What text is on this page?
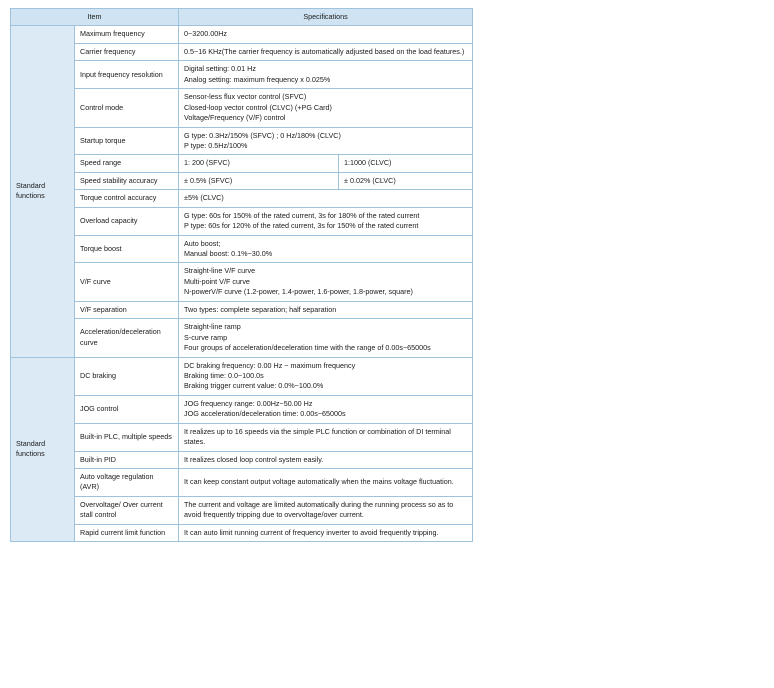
Item		Specifications	
Standard functions	Maximum frequency	0~3200.00Hz	

	Carrier frequency	0.5~16 KHz(The carrier frequency is automatically adjusted based on the load features.)	

	Input frequency resolution	Digital setting: 0.01 Hz
Analog setting: maximum frequency x 0.025%	

	Control mode	Sensor-less flux vector control (SFVC)
Closed-loop vector control (CLVC) (+PG Card)
Voltage/Frequency (V/F) control	

	Startup torque	G type: 0.3Hz/150% (SFVC) ; 0 Hz/180% (CLVC)
P type: 0.5Hz/100%	

	Speed range	1: 200 (SFVC)	1:1000 (CLVC)
	Speed stability accuracy	± 0.5% (SFVC)	± 0.02% (CLVC)
	Torque control accuracy	±5% (CLVC)	

	Overload capacity	G type: 60s for 150% of the rated current, 3s for 180% of the rated current
P type: 60s for 120% of the rated current, 3s for 150% of the rated current	

	Torque boost	Auto boost;
Manual boost: 0.1%~30.0%	

	V/F curve	Straight-line V/F curve
Multi-point V/F curve
N-powerV/F curve (1.2-power, 1.4-power, 1.6-power, 1.8-power, square)	

	V/F separation	Two types: complete separation; half separation	

	Acceleration/deceleration curve	Straight-line ramp
S-curve ramp
Four groups of acceleration/deceleration time with the range of 0.00s~65000s	

Standard functions	DC braking	DC braking frequency: 0.00 Hz ~ maximum frequency
Braking time: 0.0~100.0s
Braking trigger current value: 0.0%~100.0%	

	JOG control	JOG frequency range: 0.00Hz~50.00 Hz
JOG acceleration/deceleration time: 0.00s~65000s	

	Built-in PLC, multiple speeds	It realizes up to 16 speeds via the simple PLC function or combination of DI terminal states.	

	Built-in PID	It realizes closed loop control system easily.	

	Auto voltage regulation (AVR)	It can keep constant output voltage automatically when the mains voltage fluctuation.	

	Overvoltage/ Over current stall control	The current and voltage are limited automatically during the running process so as to avoid frequently tripping due to overvoltage/over current.	

	Rapid current limit function	It can auto limit running current of frequency inverter to avoid frequently tripping.	
